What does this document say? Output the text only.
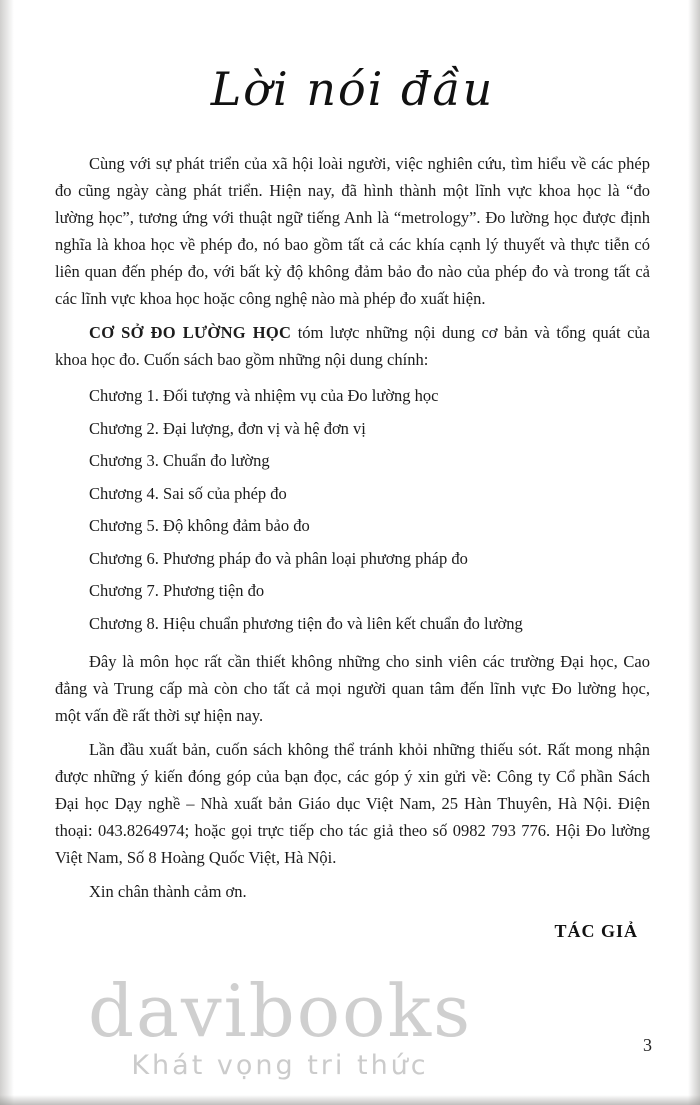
Lời nói đầu

Cùng với sự phát triển của xã hội loài người, việc nghiên cứu, tìm hiểu về các phép đo cũng ngày càng phát triển. Hiện nay, đã hình thành một lĩnh vực khoa học là “đo lường học”, tương ứng với thuật ngữ tiếng Anh là “metrology”. Đo lường học được định nghĩa là khoa học về phép đo, nó bao gồm tất cả các khía cạnh lý thuyết và thực tiễn có liên quan đến phép đo, với bất kỳ độ không đảm bảo đo nào của phép đo và trong tất cả các lĩnh vực khoa học hoặc công nghệ nào mà phép đo xuất hiện.

CƠ SỞ ĐO LƯỜNG HỌC tóm lược những nội dung cơ bản và tổng quát của khoa học đo. Cuốn sách bao gồm những nội dung chính:

Chương 1. Đối tượng và nhiệm vụ của Đo lường học
Chương 2. Đại lượng, đơn vị và hệ đơn vị
Chương 3. Chuẩn đo lường
Chương 4. Sai số của phép đo
Chương 5. Độ không đảm bảo đo
Chương 6. Phương pháp đo và phân loại phương pháp đo
Chương 7. Phương tiện đo
Chương 8. Hiệu chuẩn phương tiện đo và liên kết chuẩn đo lường

Đây là môn học rất cần thiết không những cho sinh viên các trường Đại học, Cao đẳng và Trung cấp mà còn cho tất cả mọi người quan tâm đến lĩnh vực Đo lường học, một vấn đề rất thời sự hiện nay.

Lần đầu xuất bản, cuốn sách không thể tránh khỏi những thiếu sót. Rất mong nhận được những ý kiến đóng góp của bạn đọc, các góp ý xin gửi về: Công ty Cổ phần Sách Đại học Dạy nghề – Nhà xuất bản Giáo dục Việt Nam, 25 Hàn Thuyên, Hà Nội. Điện thoại: 043.8264974; hoặc gọi trực tiếp cho tác giả theo số 0982 793 776. Hội Đo lường Việt Nam, Số 8 Hoàng Quốc Việt, Hà Nội.

Xin chân thành cảm ơn.

TÁC GIẢ
davibooks
Khát vọng tri thức
3
